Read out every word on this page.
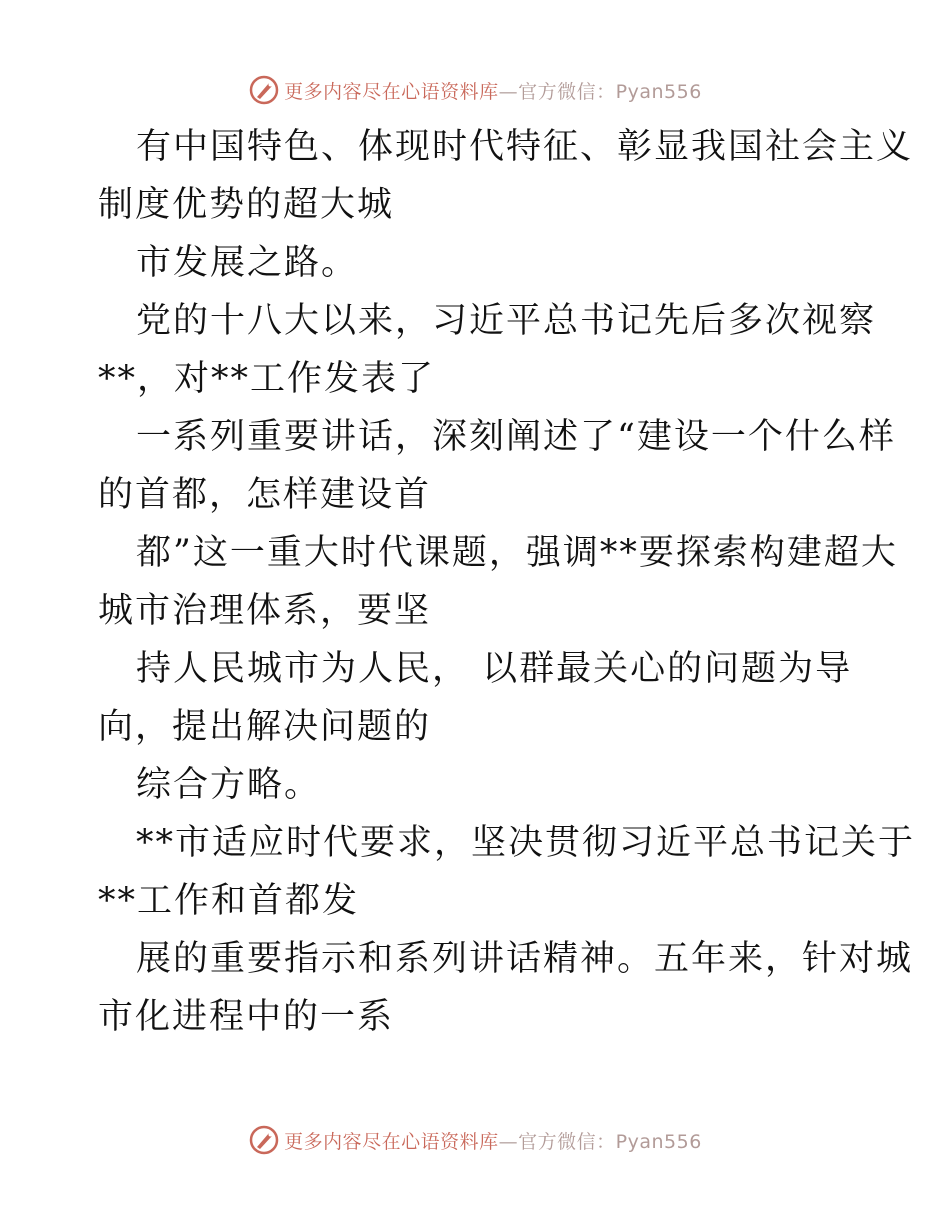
更多内容尽在心语资料库—官方微信：Pyan556
有中国特色、体现时代特征、彰显我国社会主义
制度优势的超大城
市发展之路。
党的十八大以来，习近平总书记先后多次视察
**，对**工作发表了
一系列重要讲话，深刻阐述了“建设一个什么样
的首都，怎样建设首
都”这一重大时代课题，强调**要探索构建超大
城市治理体系，要坚
持人民城市为人民， 以群最关心的问题为导
向，提出解决问题的
综合方略。
**市适应时代要求，坚决贯彻习近平总书记关于
**工作和首都发
展的重要指示和系列讲话精神。五年来，针对城
市化进程中的一系
更多内容尽在心语资料库—官方微信：Pyan556
